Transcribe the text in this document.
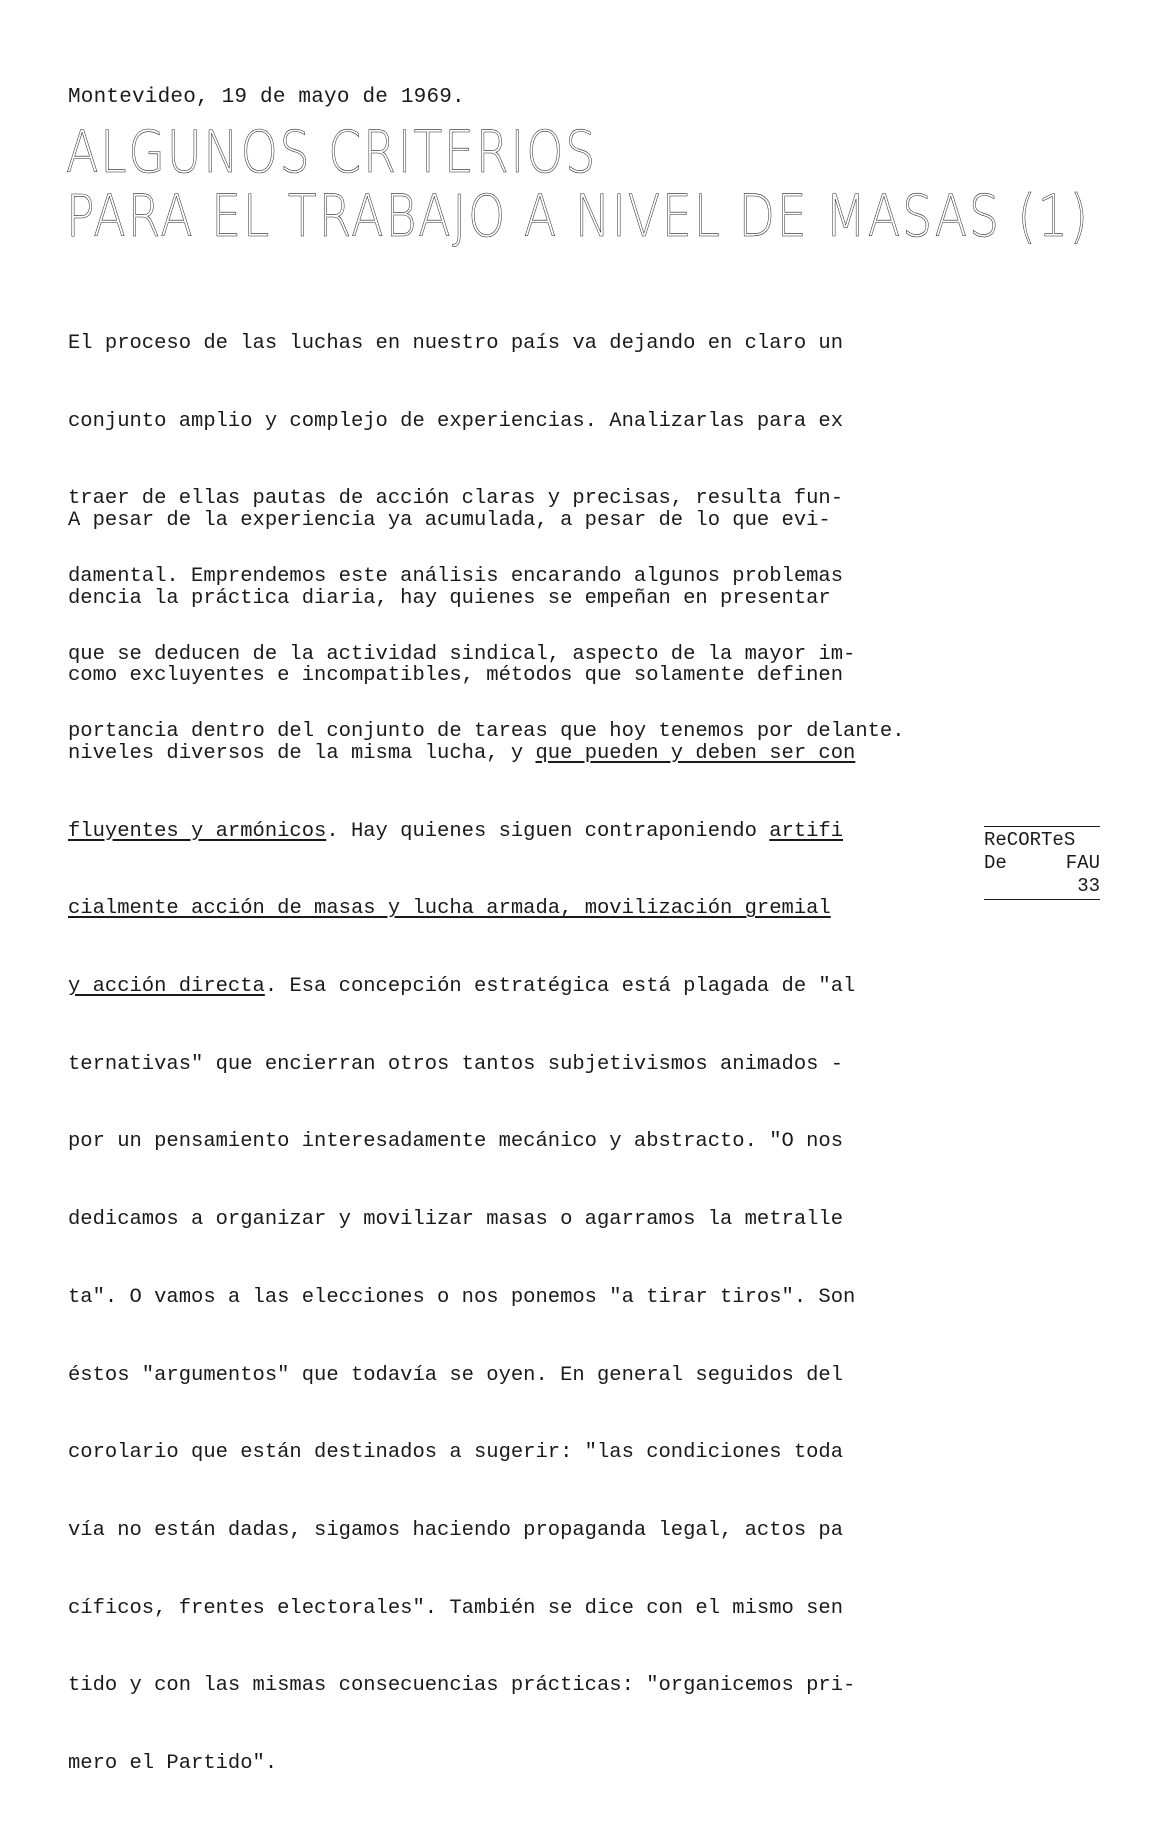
Montevideo, 19 de mayo de 1969.
ALGUNOS CRITERIOS
PARA EL TRABAJO A NIVEL DE MASAS (1)

El proceso de las luchas en nuestro país va dejando en claro un

conjunto amplio y complejo de experiencias. Analizarlas para ex

traer de ellas pautas de acción claras y precisas, resulta fun-

damental. Emprendemos este análisis encarando algunos problemas

que se deducen de la actividad sindical, aspecto de la mayor im-

portancia dentro del conjunto de tareas que hoy tenemos por delante.

A pesar de la experiencia ya acumulada, a pesar de lo que evi-

dencia la práctica diaria, hay quienes se empeñan en presentar

como excluyentes e incompatibles, métodos que solamente definen

niveles diversos de la misma lucha, y que pueden y deben ser con

fluyentes y armónicos. Hay quienes siguen contraponiendo artifi

cialmente acción de masas y lucha armada, movilización gremial

y acción directa. Esa concepción estratégica está plagada de "al

ternativas" que encierran otros tantos subjetivismos animados -

por un pensamiento interesadamente mecánico y abstracto. "O nos

dedicamos a organizar y movilizar masas o agarramos la metralle

ta". O vamos a las elecciones o nos ponemos "a tirar tiros". Son

éstos "argumentos" que todavía se oyen. En general seguidos del

corolario que están destinados a sugerir: "las condiciones toda

vía no están dadas, sigamos haciendo propaganda legal, actos pa

cíficos, frentes electorales". También se dice con el mismo sen

tido y con las mismas consecuencias prácticas: "organicemos pri-

mero el Partido".

ReCORTeS
De	FAU
33
